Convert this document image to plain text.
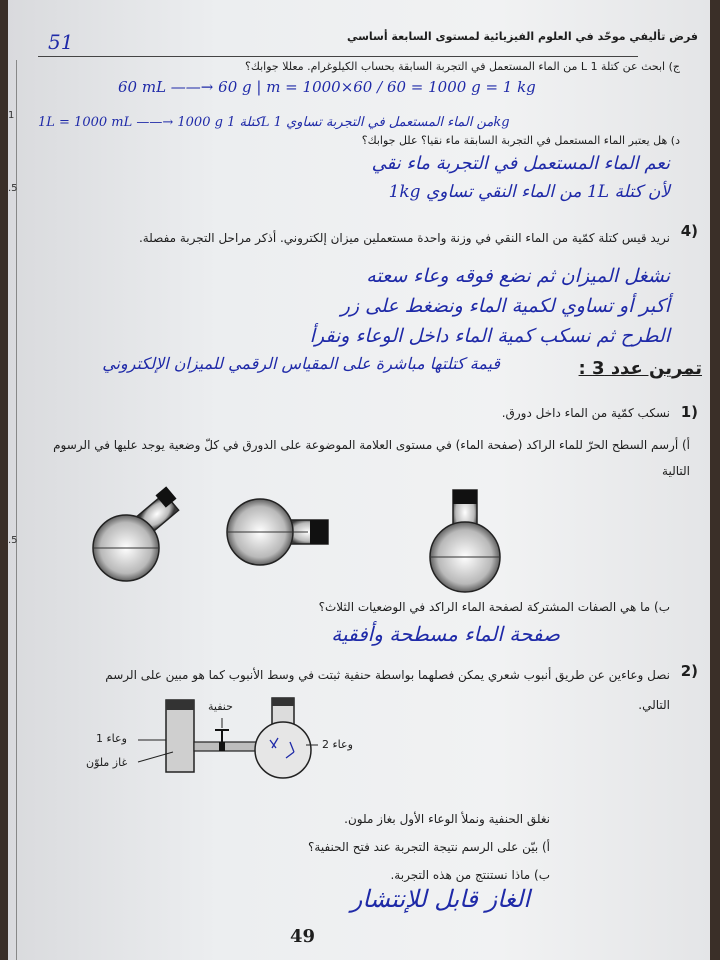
1
.5
.5
فرض تأليفي موحّد في العلوم الفيزيائية لمستوى السابعة أساسي
51
ج) ابحث عن كتلة 1 L من الماء المستعمل في التجربة السابقة بحساب الكيلوغرام. معللا جوابك؟
60 mL ——→ 60 g | m = 1000×60 / 60 = 1000 g = 1 kg
1L = 1000 mL ——→ 1000 g كتلة 1L من الماء المستعمل في التجربة تساوي 1kg
د) هل يعتبر الماء المستعمل في التجربة السابقة ماء نقيا؟ علل جوابك؟
نعم الماء المستعمل في التجربة ماء نقي
لأن كتلة 1L من الماء النقي تساوي 1kg
4)
نريد قيس كتلة كمّية من الماء النقي في وزنة واحدة مستعملين ميزان إلكتروني. أذكر مراحل التجربة مفصلة.
نشغل الميزان ثم نضع فوقه وعاء سعته
أكبر أو تساوي لكمية الماء ونضغط على زر
الطرح ثم نسكب كمية الماء داخل الوعاء ونقرأ
قيمة كتلتها مباشرة على المقياس الرقمي للميزان الإلكتروني	تمرين عدد 3 :
1)
نسكب كمّية من الماء داخل دورق.
أ) أرسم السطح الحرّ للماء الراكد (صفحة الماء) في مستوى العلامة الموضوعة على الدورق في كلّ وضعية يوجد عليها في الرسوم التالية
ب) ما هي الصفات المشتركة لصفحة الماء الراكد في الوضعيات الثلاث؟
صفحة الماء مسطحة وأفقية
2)
نصل وعاءين عن طريق أنبوب شعري يمكن فصلهما بواسطة حنفية ثبتت في وسط الأنبوب كما هو مبين على الرسم التالي.
حنفية
وعاء 1
غاز ملوّن
وعاء 2
نغلق الحنفية ونملأ الوعاء الأول بغاز ملون.
أ) بيّن على الرسم نتيجة التجربة عند فتح الحنفية؟
ب) ماذا نستنتج من هذه التجربة.
الغاز قابل للإنتشار
49
